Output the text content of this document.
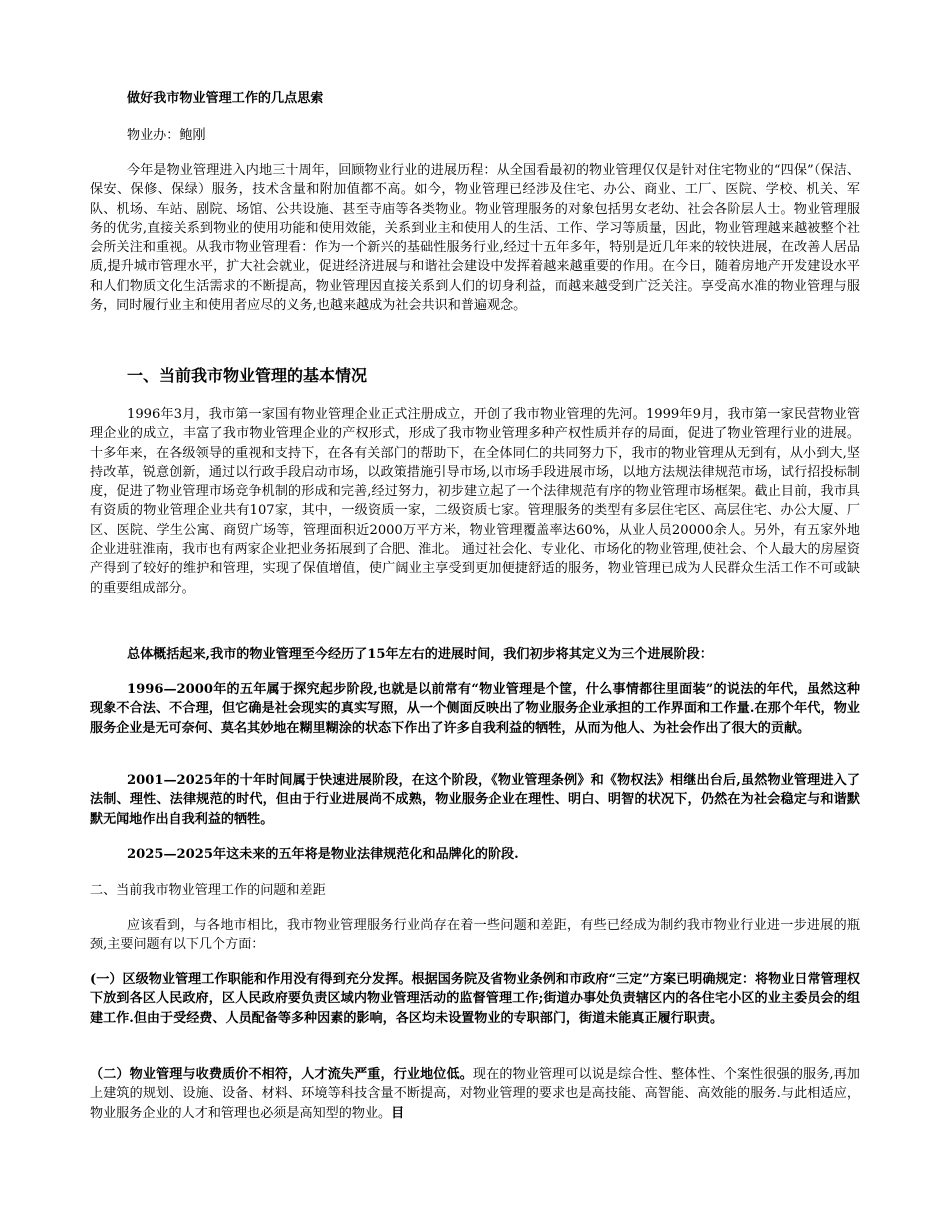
做好我市物业管理工作的几点思索

物业办：鲍刚

今年是物业管理进入内地三十周年，回顾物业行业的进展历程：从全国看最初的物业管理仅仅是针对住宅物业的“四保”（保洁、保安、保修、保绿）服务，技术含量和附加值都不高。如今，物业管理已经涉及住宅、办公、商业、工厂、医院、学校、机关、军队、机场、车站、剧院、场馆、公共设施、甚至寺庙等各类物业。物业管理服务的对象包括男女老幼、社会各阶层人士。物业管理服务的优劣,直接关系到物业的使用功能和使用效能，关系到业主和使用人的生活、工作、学习等质量，因此，物业管理越来越被整个社会所关注和重视。从我市物业管理看：作为一个新兴的基础性服务行业,经过十五年多年，特别是近几年来的较快进展，在改善人居品质,提升城市管理水平，扩大社会就业，促进经济进展与和谐社会建设中发挥着越来越重要的作用。在今日，随着房地产开发建设水平和人们物质文化生活需求的不断提高，物业管理因直接关系到人们的切身利益，而越来越受到广泛关注。享受高水准的物业管理与服务，同时履行业主和使用者应尽的义务,也越来越成为社会共识和普遍观念。

一、当前我市物业管理的基本情况

1996年3月，我市第一家国有物业管理企业正式注册成立，开创了我市物业管理的先河。1999年9月，我市第一家民营物业管理企业的成立，丰富了我市物业管理企业的产权形式，形成了我市物业管理多种产权性质并存的局面，促进了物业管理行业的进展。十多年来，在各级领导的重视和支持下，在各有关部门的帮助下，在全体同仁的共同努力下，我市的物业管理从无到有，从小到大,坚持改革，锐意创新，通过以行政手段启动市场，以政策措施引导市场,以市场手段进展市场，以地方法规法律规范市场，试行招投标制度，促进了物业管理市场竞争机制的形成和完善,经过努力，初步建立起了一个法律规范有序的物业管理市场框架。截止目前，我市具有资质的物业管理企业共有107家，其中，一级资质一家，二级资质七家。管理服务的类型有多层住宅区、高层住宅、办公大厦、厂区、医院、学生公寓、商贸广场等，管理面积近2000万平方米，物业管理覆盖率达60%，从业人员20000余人。另外，有五家外地企业进驻淮南，我市也有两家企业把业务拓展到了合肥、淮北。 通过社会化、专业化、市场化的物业管理,使社会、个人最大的房屋资产得到了较好的维护和管理，实现了保值增值，使广阔业主享受到更加便捷舒适的服务，物业管理已成为人民群众生活工作不可或缺的重要组成部分。

总体概括起来,我市的物业管理至今经历了15年左右的进展时间，我们初步将其定义为三个进展阶段：

1996—2000年的五年属于探究起步阶段,也就是以前常有“物业管理是个筐，什么事情都往里面装”的说法的年代，虽然这种现象不合法、不合理，但它确是社会现实的真实写照，从一个侧面反映出了物业服务企业承担的工作界面和工作量.在那个年代，物业服务企业是无可奈何、莫名其妙地在糊里糊涂的状态下作出了许多自我利益的牺牲，从而为他人、为社会作出了很大的贡献。

2001—2025年的十年时间属于快速进展阶段，在这个阶段，《物业管理条例》和《物权法》相继出台后,虽然物业管理进入了法制、理性、法律规范的时代，但由于行业进展尚不成熟，物业服务企业在理性、明白、明智的状况下，仍然在为社会稳定与和谐默默无闻地作出自我利益的牺牲。

2025—2025年这未来的五年将是物业法律规范化和品牌化的阶段.

二、当前我市物业管理工作的问题和差距

应该看到，与各地市相比，我市物业管理服务行业尚存在着一些问题和差距，有些已经成为制约我市物业行业进一步进展的瓶颈,主要问题有以下几个方面：

(一）区级物业管理工作职能和作用没有得到充分发挥。根据国务院及省物业条例和市政府“三定”方案已明确规定：将物业日常管理权下放到各区人民政府，区人民政府要负责区域内物业管理活动的监督管理工作;街道办事处负责辖区内的各住宅小区的业主委员会的组建工作.但由于受经费、人员配备等多种因素的影响，各区均未设置物业的专职部门，街道未能真正履行职责。

（二）物业管理与收费质价不相符，人才流失严重，行业地位低。现在的物业管理可以说是综合性、整体性、个案性很强的服务,再加上建筑的规划、设施、设备、材料、环境等科技含量不断提高，对物业管理的要求也是高技能、高智能、高效能的服务.与此相适应，物业服务企业的人才和管理也必须是高知型的物业。目
